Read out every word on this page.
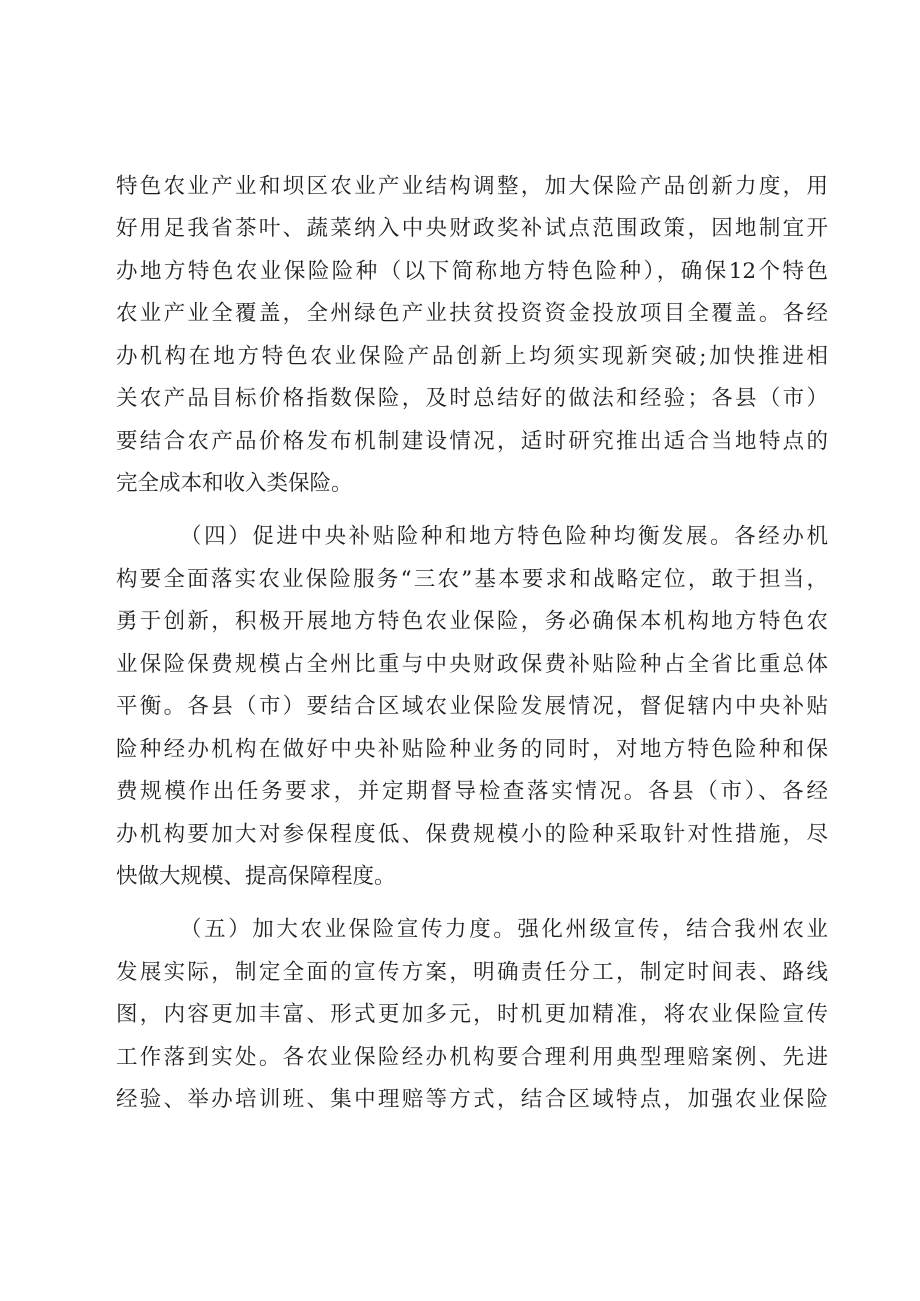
特色农业产业和坝区农业产业结构调整，加大保险产品创新力度，用
好用足我省茶叶、蔬菜纳入中央财政奖补试点范围政策，因地制宜开
办地方特色农业保险险种（以下简称地方特色险种），确保12个特色
农业产业全覆盖，全州绿色产业扶贫投资资金投放项目全覆盖。各经
办机构在地方特色农业保险产品创新上均须实现新突破;加快推进相
关农产品目标价格指数保险，及时总结好的做法和经验；各县（市）
要结合农产品价格发布机制建设情况，适时研究推出适合当地特点的
完全成本和收入类保险。
（四）促进中央补贴险种和地方特色险种均衡发展。各经办机
构要全面落实农业保险服务“三农”基本要求和战略定位，敢于担当，
勇于创新，积极开展地方特色农业保险，务必确保本机构地方特色农
业保险保费规模占全州比重与中央财政保费补贴险种占全省比重总体
平衡。各县（市）要结合区域农业保险发展情况，督促辖内中央补贴
险种经办机构在做好中央补贴险种业务的同时，对地方特色险种和保
费规模作出任务要求，并定期督导检查落实情况。各县（市）、各经
办机构要加大对参保程度低、保费规模小的险种采取针对性措施，尽
快做大规模、提高保障程度。
（五）加大农业保险宣传力度。强化州级宣传，结合我州农业
发展实际，制定全面的宣传方案，明确责任分工，制定时间表、路线
图，内容更加丰富、形式更加多元，时机更加精准，将农业保险宣传
工作落到实处。各农业保险经办机构要合理利用典型理赔案例、先进
经验、举办培训班、集中理赔等方式，结合区域特点，加强农业保险
